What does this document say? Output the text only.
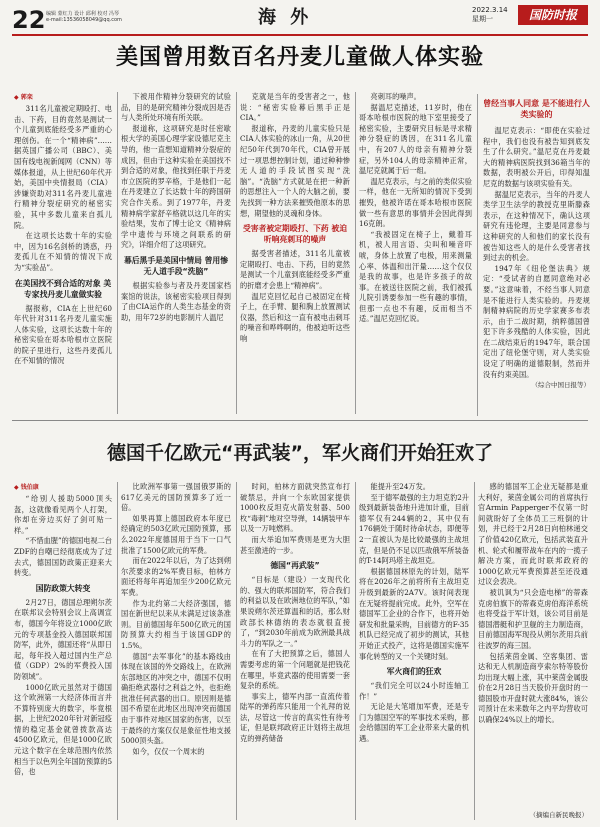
22 编辑 蒙红力 设计 邱利 校对 冯琴
e-mail:13536058049@qq.com	海 外	2022.3.14
星期一	国防时报
美国曾用数百名丹麦儿童做人体实验
◆ 郭栾

311名儿童被定期殴打、电击、下药，目的竟然是测试一个儿童到底能经受多严重的心理创伤。在一个“精神病”……据英国广播公司（BBC）、美国有线电视新闻网（CNN）等媒体报道，从上世纪60年代开始，美国中央情报局（CIA）涉嫌资助对311名丹麦儿童进行精神分裂症研究的秘密实验，其中多数儿童来自孤儿院。

在这项长达数十年的实验中，因为16名剑桥的诱惑，丹麦孤儿在不知情的情况下成为“实验品”。

在美国找不到合适的对象 美专家找丹麦儿童做实验

据报称，CIA在上世纪60年代针对311名丹麦儿童实施人体实验，这项长达数十年的秘密实验在哥本哈根市立医院的院子里进行，这些丹麦孤儿在不知情的情况

下被用作精神分裂研究的试验品，目的是研究精神分裂成因是否与人类所处环境有所关联。

报道称，这项研究是时任密歇根大学的美国心理学家设德尼克主导的，他一直想知道精神分裂症的成因，但由于这种实验在美国找不到合适的对象，他找到任职于丹麦市立医院的罗辛格，于是他们一起在丹麦建立了长达数十年的跨国研究合作关系。到了1977年，丹麦精神病学家舒辛格就以这几年的实验结果，发布了博士论文《精神病学中遗传与环境之间联系的研究》，详细介绍了这项研究。

幕后黑手是美国中情局 曾用惨无人道手段“洗脑”

根据实验参与者及丹麦国家档案馆的说法，该秘密实验项目得到了由CIA运作的人类生态基金的资助，用年72岁的电影制片人温尼

克就是当年的受害者之一，他说：“秘密实验幕后黑手正是CIA。”

报道称，丹麦的儿童实验只是CIA人体实验的冰山一角，从20世纪50年代到70年代，CIA曾开展过一项思想控制计划，通过种种惨无人道的手段试图实现“洗脑”。“洗脑”方式就是在把一种新的思想注入一个人的大脑之前，要先找到一种方法来摧毁他原本的思想，期望他的灵魂和身体。

受害者被定期殴打、下药 被迫听响亮刺耳的噪声

据受害者描述，311名儿童被定期殴打、电击、下药，目的竟然是测试一个儿童到底能经受多严重的折磨才会患上“精神病”。

温尼克回忆起自己被固定在椅子上，在手臂、腿和胸上放置测试仪器，然后和这一直有被电击刺耳的噪音和哗哗啊的，他被迫听这些响

亮刺耳的噪声。

据温尼克描述，11岁时，他在哥本哈根市医院的地下室里接受了秘密实验，主要研究目标是寻求精神分裂症的诱因，在311名儿童中，有207人的母亲有精神分裂症，另外104人的母亲精神正常，温尼克就属于后一组。

温尼克表示，与之前的类似实验一样，他在一无所知的情况下受到摧毁，他被许诺在哥本哈根市医院做一些有意思的事情并会因此得到16克朗。

“我被固定在椅子上，戴着耳机，被人用言语、尖叫和噪音吓唬，身体上放置了电极，用来测量心率、体温和出汗量……这个仅仅是我的故事，也是许多孩子的故事。在被送往医院之前，我们被孤儿院引诱要参加一些有趣的事情，但那一点也不有趣，反而相当不适。”温尼克回忆说。

曾经当事人同意 是不能进行人类实验的

温尼克表示：“即使在实验过程中，我们也没有被告知到底发生了什么研究。”温尼克在丹麦最大的精神病医院找到36箱当年的数据，表明被公开后，印得知温尼克的数据与该项实验有关。

据温尼克表示，当年的丹麦人类学卫生法学的教授克里斯滕森表示，在这种情况下，确认这项研究有违伦理，主要是同意参与这种研究的人和他们的家长没有被告知这些人的是什么受害者找到过去的机会。

1947年《纽伦堡法典》规定：“受试者的自愿同意绝对必要。”这意味着，不经当事人同意是不能进行人类实验的。丹麦规制精神病院的历史学家赛多布表示，由于二战时期，纳粹德国曾犯下许多残酷的人体实验，因此在二战结束后的1947年，联合国定出了纽伦堡守则，对人类实验设定了明确的道德限制，然而并没有约束美国。

（综合中国日报等）
德国千亿欧元“再武装”，军火商们开始狂欢了
◆ 钱伯康

“给别人援助5000顶头盔，这就像看见两个人打架，你却在旁边买好了剑可贴一样。”

“不惜血腥”的德国电视二台ZDF的自嘲已经彻底成为了过去式，德国国防政策正迎来大转变。

国防政策大转变

2月27日，德国总理朔尔茨在联邦议会特别会议上高调宣布，德国今年将设立1000亿欧元的专项基金投入德国联邦国防军，此外，德国还将“从即日起，每年投入超过国内生产总值（GDP）2%的军费投入国防领域”。

1000亿欧元虽然对于德国这个欧洲第一大经济体而言并不算特别庞大的数字，毕竟根据，上世纪2020年针对新冠疫情的稳定基金就曾拨款高达4500亿欧元，但是1000亿欧元这个数字在全球范围内依然相当于以色列全年国防预算的5倍，也

比欧洲军事第一强国俄罗斯的617亿美元的国防预算多了近一倍。

如果再算上德国政府本年度已经确定的503亿欧元国防预算，那么2022年度德国用于当下一口气批准了1500亿欧元的军费。

而在2022年以后，为了达到朔尔茨要求的2%军费目标，柏林方面还将每年再追加至少200亿欧元军费。

作为北约第二大经济强国，德国在新世纪以来从未满足过该条准则。目前德国每年500亿欧元的国防预算大约相当于该国GDP的1.5%。

德国“去军事化”的基本路线由体现在该国的外交路线上，在欧洲东部地区的冲突之中，德国不仅明确拒绝武器付之利益之外，也拒绝批准任何武器的出口。原因则是德国不希望在此地区出现冲突而德国由于事件对地区国家的伤害，以至于最终的方案仅仅是象征性地支援5000顶头盔。

如今，仅仅一个周末的

时间，柏林方面就突然宣布打破禁忌，并向一个东欧国家提供1000枚反坦克火箭发射器、500枚“毒刺”地对空导弹，14辆装甲车以及一万吨燃料。

而大举追加军费则是更为大胆甚至激进的一步。

德国“再武装”

“目标是（建设）一支现代化的、强大的联邦国防军，符合我们的利益以及在欧洲地位的军队，”如果说朔尔茨还算温和的话，那么财政部长林德纳的表态就很直接了，“到2030年前成为欧洲最具战斗力的军队之一。”

在有了大把预算之后，德国人需要考虑的第一个问题就是把钱花在哪里，毕竟武器的使用需要一套复杂的系统。

事实上，德军内部一直流传着陆军的弹药库只能用一个礼拜的说法，尽管这一传言的真实性有待考证，但是联邦政府正计划将主战坦克的弹药储备

能提升至24万发。

至于德军最强的主力坦克豹2升级到最新装备地升进加计重，目前德军仅有244辆的2，其中仅有176辆处于随时待命状态，即便等2一直被认为是比较最强的主战坦克，但是仍不足以匹敌俄军所装备的T-14阿玛塔主战坦克。

根据德国林原先的计划，陆军将在2026年之前将所有主战坦克升级到最新的2A7V。该时间表现在无疑将提前完成。此外，空军在德国军工企业的合作下，也将开始研发和批量采购，目前德方的F-35机队已经完成了初步的测试，其他开始正式投产，这将是德国实施军事化转型的又一个关键时刻。

军火商们的狂欢

“我们完全可以24小时连轴工作！”

无论是大笔增加军费，还是专门为德国空军的军事技术采购，都会给德国的军工企业带来大量的机遇。

感的德国军工企业无疑都是重大利好，莱茵金属公司的首席执行官Armin Papperger不仅第一时间就盼好了全体员工三班倒的计划，并已经于2月28日向柏林递交了价值420亿欧元，包括武装直升机、轮式和履带战车在内的一揽子解决方案，而此时联邦政府的1000亿欧元军费预算甚至还没通过议会表决。

被讥讽为“只会造电梯”的蒂森克虏伯旗下的蒂森克虏伯海洋系统也将受益于军计划，该公司目前是德国潜艇和护卫舰的主力制造商，目前德国海军现役从朔尔茨用兵前往波罗的海三国。

包括莱茵金属、空客集团、雷达和无人机制造商亨索尔特等股份均出现大幅上涨，其中莱茵金属股价在2月28日当天股价开盘时的一德国股市开盘时就大涨84%，该公司预计在未来数年之内平均营收可以确保24%以上的增长。

（摘编自新民晚报）
